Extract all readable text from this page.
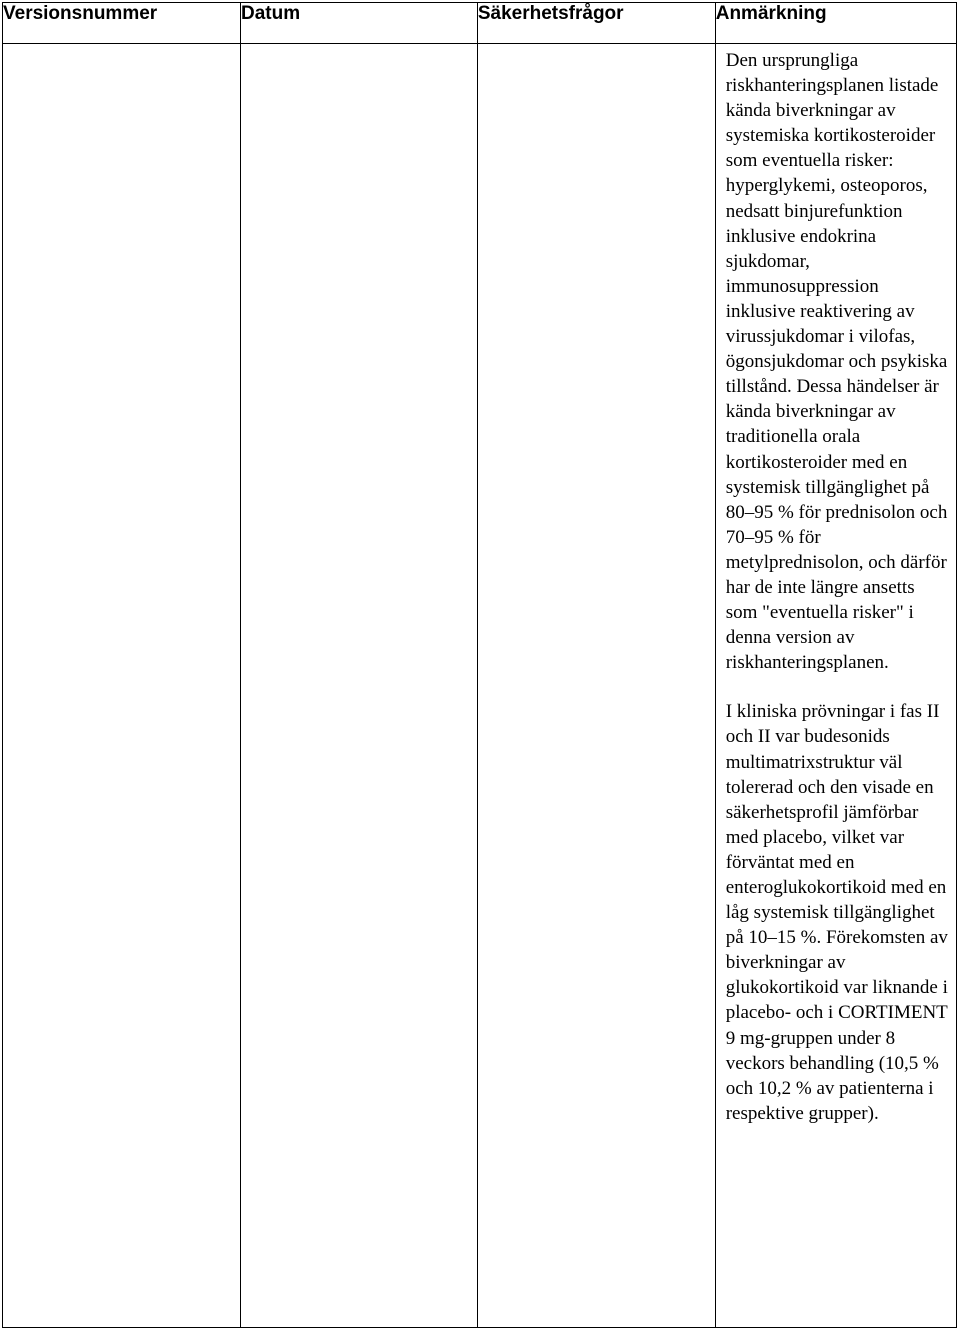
Versionsnummer	Datum	Säkerhetsfrågor	Anmärkning

			Den ursprungliga riskhanteringsplanen listade kända biverkningar av systemiska kortikosteroider som eventuella risker: hyperglykemi, osteoporos, nedsatt binjurefunktion inklusive endokrina sjukdomar, immunosuppression inklusive reaktivering av virussjukdomar i vilofas, ögonsjukdomar och psykiska tillstånd. Dessa händelser är kända biverkningar av traditionella orala kortikosteroider med en systemisk tillgänglighet på 80–95 % för prednisolon och 70–95 % för metylprednisolon, och därför har de inte längre ansetts som "eventuella risker" i denna version av riskhanteringsplanen.

I kliniska prövningar i fas II och II var budesonids multimatrixstruktur väl tolererad och den visade en säkerhetsprofil jämförbar med placebo, vilket var förväntat med en enteroglukokortikoid med en låg systemisk tillgänglighet på 10–15 %. Förekomsten av biverkningar av glukokortikoid var liknande i placebo- och i CORTIMENT 9 mg-gruppen under 8 veckors behandling (10,5 % och 10,2 % av patienterna i respektive grupper).
